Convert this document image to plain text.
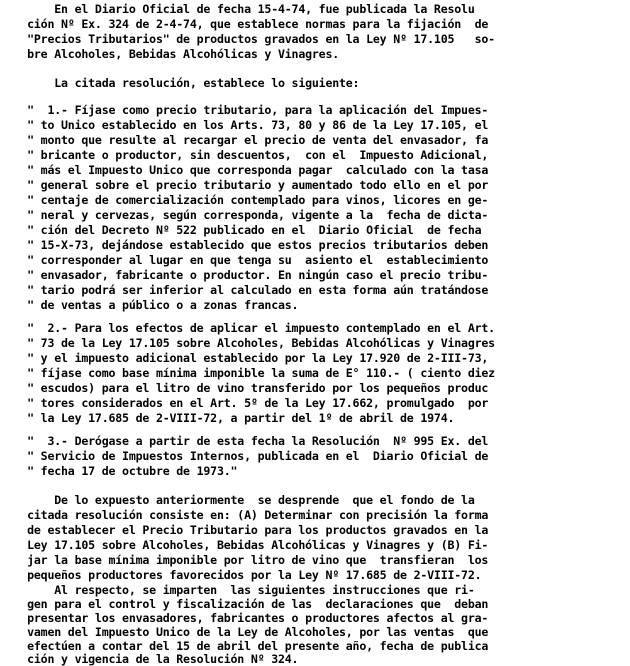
En el Diario Oficial de fecha 15-4-74, fue publicada la Resolu

ción Nº Ex. 324 de 2-4-74, que establece normas para la fijación  de

"Precios Tributarios" de productos gravados en la Ley Nº 17.105   so-

bre Alcoholes, Bebidas Alcohólicas y Vinagres.

La citada resolución, establece lo siguiente:

"  1.- Fíjase como precio tributario, para la aplicación del Impues-

" to Unico establecido en los Arts. 73, 80 y 86 de la Ley 17.105, el

" monto que resulte al recargar el precio de venta del envasador, fa

" bricante o productor, sin descuentos,  con el  Impuesto Adicional,

" más el Impuesto Unico que corresponda pagar  calculado con la tasa

" general sobre el precio tributario y aumentado todo ello en el por

" centaje de comercialización contemplado para vinos, licores en ge-

" neral y cervezas, según corresponda, vigente a la  fecha de dicta-

" ción del Decreto Nº 522 publicado en el  Diario Oficial  de fecha

" 15-X-73, dejándose establecido que estos precios tributarios deben

" corresponder al lugar en que tenga su  asiento el  establecimiento

" envasador, fabricante o productor. En ningún caso el precio tribu-

" tario podrá ser inferior al calculado en esta forma aún tratándose

" de ventas a público o a zonas francas.

"  2.- Para los efectos de aplicar el impuesto contemplado en el Art.

" 73 de la Ley 17.105 sobre Alcoholes, Bebidas Alcohólicas y Vinagres

" y el impuesto adicional establecido por la Ley 17.920 de 2-III-73,

" fíjase como base mínima imponible la suma de E° 110.- ( ciento diez

" escudos) para el litro de vino transferido por los pequeños produc

" tores considerados en el Art. 5º de la Ley 17.662, promulgado  por

" la Ley 17.685 de 2-VIII-72, a partir del 1º de abril de 1974.

"  3.- Derógase a partir de esta fecha la Resolución  Nº 995 Ex. del

" Servicio de Impuestos Internos, publicada en el  Diario Oficial de

" fecha 17 de octubre de 1973."

De lo expuesto anteriormente  se desprende  que el fondo de la

citada resolución consiste en: (A) Determinar con precisión la forma

de establecer el Precio Tributario para los productos gravados en la

Ley 17.105 sobre Alcoholes, Bebidas Alcohólicas y Vinagres y (B) Fi-

jar la base mínima imponible por litro de vino que  transfieran  los

pequeños productores favorecidos por la Ley Nº 17.685 de 2-VIII-72.

Al respecto, se imparten  las siguientes instrucciones que ri-

gen para el control y fiscalización de las  declaraciones que  deban

presentar los envasadores, fabricantes o productores afectos al gra-

vamen del Impuesto Unico de la Ley de Alcoholes, por las ventas  que

efectúen a contar del 15 de abril del presente año, fecha de publica

ción y vigencia de la Resolución Nº 324.
